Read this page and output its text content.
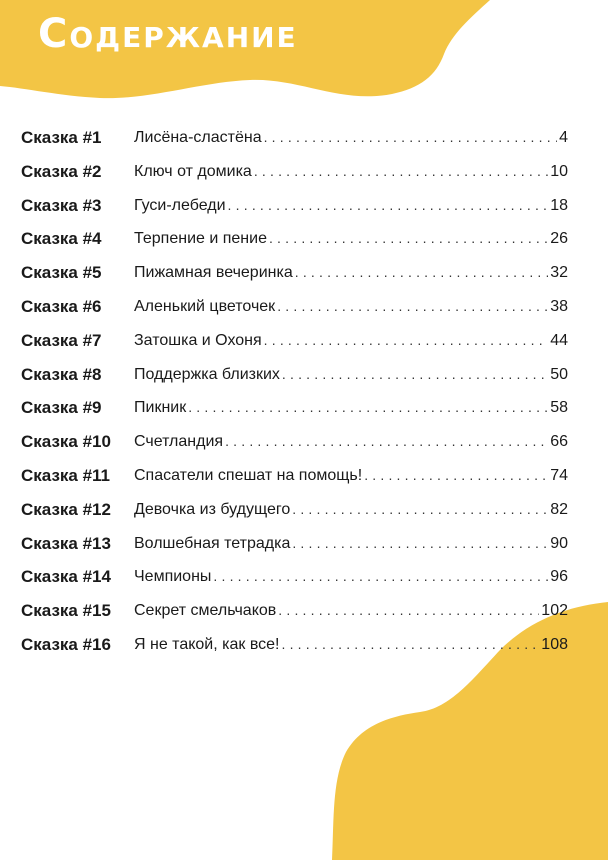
Содержание
Сказка #1 Лисёна-сластёна .....	4
Сказка #2 Ключ от домика .....	10
Сказка #3 Гуси-лебеди .....	18
Сказка #4 Терпение и пение .....	26
Сказка #5 Пижамная вечеринка .....	32
Сказка #6 Аленький цветочек .....	38
Сказка #7 Затошка и Охоня .....	44
Сказка #8 Поддержка близких .....	50
Сказка #9 Пикник .....	58
Сказка #10 Счетландия .....	66
Сказка #11 Спасатели спешат на помощь! .....	74
Сказка #12 Девочка из будущего .....	82
Сказка #13 Волшебная тетрадка .....	90
Сказка #14 Чемпионы .....	96
Сказка #15 Секрет смельчаков .....	102
Сказка #16 Я не такой, как все! .....	108
